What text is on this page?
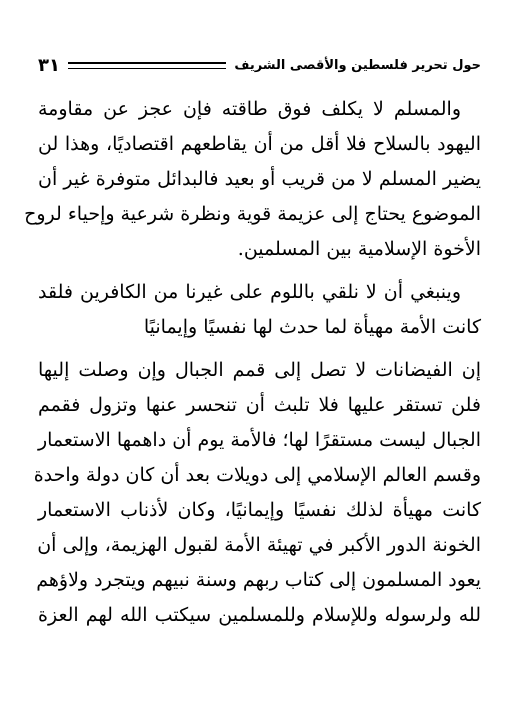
حول تحرير فلسطين والأقصى الشريف
٣١
والمسلم لا يكلف فوق طاقته فإن عجز عن مقاومة
اليهود بالسلاح فلا أقل من أن يقاطعهم اقتصاديًا، وهذا لن
يضير المسلم لا من قريب أو بعيد فالبدائل متوفرة غير أن
الموضوع يحتاج إلى عزيمة قوية ونظرة شرعية وإحياء لروح
الأخوة الإسلامية بين المسلمين.
وينبغي أن لا نلقي باللوم على غيرنا من الكافرين فلقد
كانت الأمة مهيأة لما حدث لها نفسيًا وإيمانيًا
إن الفيضانات لا تصل إلى قمم الجبال وإن وصلت إليها
فلن تستقر عليها فلا تلبث أن تنحسر عنها وتزول فقمم
الجبال ليست مستقرًا لها؛ فالأمة يوم أن داهمها الاستعمار
وقسم العالم الإسلامي إلى دويلات بعد أن كان دولة واحدة
كانت مهيأة لذلك نفسيًا وإيمانيًا، وكان لأذناب الاستعمار
الخونة الدور الأكبر في تهيئة الأمة لقبول الهزيمة، وإلى أن
يعود المسلمون إلى كتاب ربهم وسنة نبيهم ويتجرد ولاؤهم
لله ولرسوله وللإسلام وللمسلمين سيكتب الله لهم العزة
